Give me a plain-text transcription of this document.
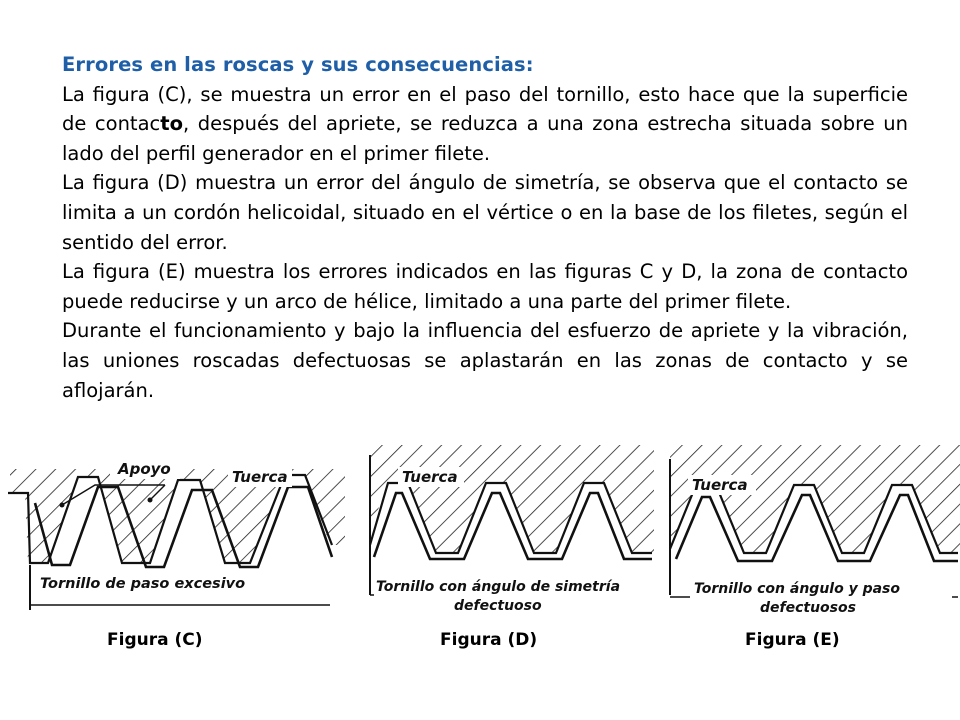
Errores en las roscas y sus consecuencias:

La figura (C), se muestra un error en el paso del tornillo, esto hace que la superficie de contacto, después del apriete, se reduzca a una zona estrecha situada sobre un lado del perfil generador en el primer filete.

La figura (D) muestra un error del ángulo de simetría, se observa que el contacto se limita a un cordón helicoidal, situado en el vértice o en la base de los filetes, según el sentido del error.

La figura (E) muestra los errores indicados en las figuras C y D, la zona de contacto puede reducirse y un arco de hélice, limitado a una parte del primer filete.

Durante el funcionamiento y bajo la influencia del esfuerzo de apriete y la vibración, las uniones roscadas defectuosas se aplastarán en las zonas de contacto y se aflojarán.

Apoyo	Tuerca
Tornillo de paso excesivo
Tuerca
Tornillo con ángulo de simetría
defectuoso
Tuerca
Tornillo con ángulo y paso
defectuosos
Figura (C)	Figura (D)	Figura (E)
